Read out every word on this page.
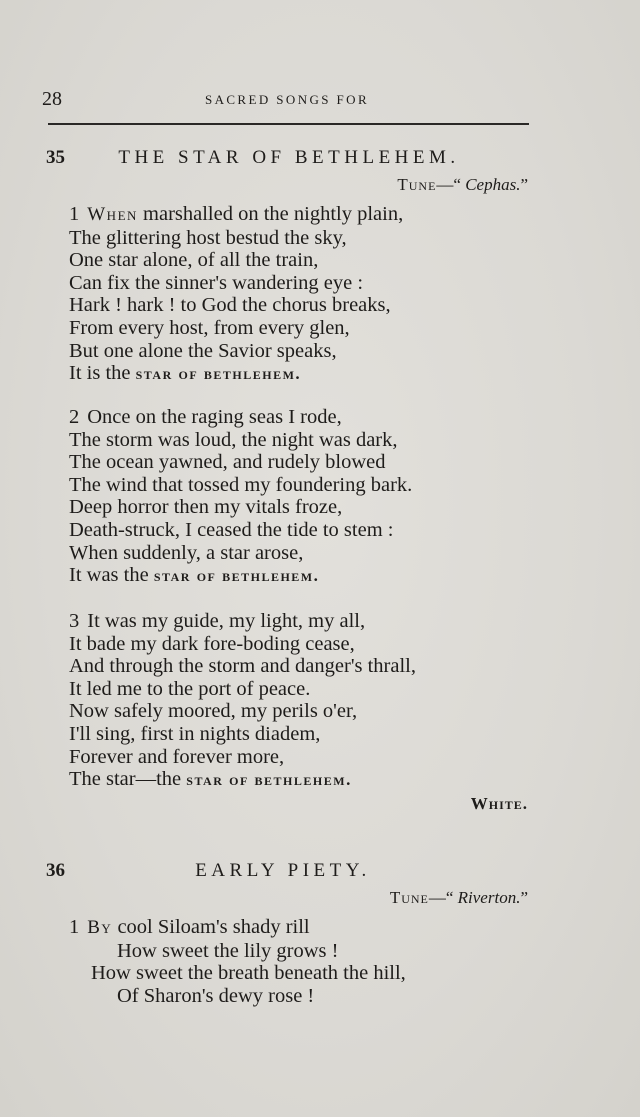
28	SACRED SONGS FOR
35	THE STAR OF BETHLEHEM.
Tune—“ Cephas.”
1 When marshalled on the nightly plain,
The glittering host bestud the sky,
One star alone, of all the train,
Can fix the sinner's wandering eye :
Hark ! hark ! to God the chorus breaks,
From every host, from every glen,
But one alone the Savior speaks,
It is the star of bethlehem.
2 Once on the raging seas I rode,
The storm was loud, the night was dark,
The ocean yawned, and rudely blowed
The wind that tossed my foundering bark.
Deep horror then my vitals froze,
Death-struck, I ceased the tide to stem :
When suddenly, a star arose,
It was the star of bethlehem.
3 It was my guide, my light, my all,
It bade my dark fore-boding cease,
And through the storm and danger's thrall,
It led me to the port of peace.
Now safely moored, my perils o'er,
I'll sing, first in nights diadem,
Forever and forever more,
The star—the star of bethlehem.
White.
36	EARLY PIETY.
Tune—“ Riverton.”
1 By cool Siloam's shady rill
How sweet the lily grows !
How sweet the breath beneath the hill,
Of Sharon's dewy rose !
